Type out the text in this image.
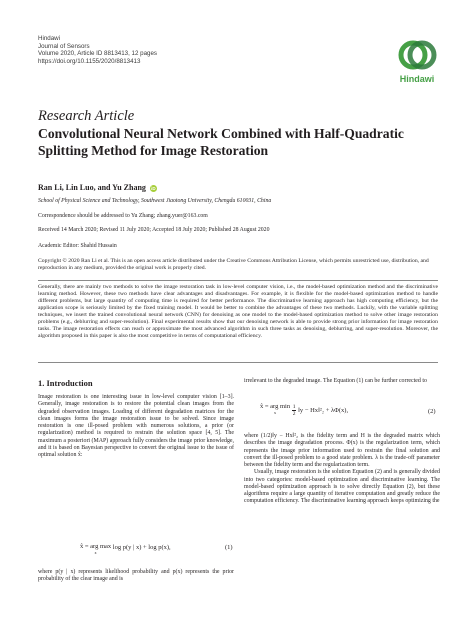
Hindawi
Journal of Sensors
Volume 2020, Article ID 8813413, 12 pages
https://doi.org/10.1155/2020/8813413
Hindawi
Research Article
Convolutional Neural Network Combined with Half-Quadratic Splitting Method for Image Restoration
Ran Li, Lin Luo, and Yu Zhang iD
School of Physical Science and Technology, Southwest Jiaotong University, Chengdu 610031, China
Correspondence should be addressed to Yu Zhang; zhang.yuer@163.com
Received 14 March 2020; Revised 11 July 2020; Accepted 18 July 2020; Published 28 August 2020
Academic Editor: Shahid Hussain
Copyright © 2020 Ran Li et al. This is an open access article distributed under the Creative Commons Attribution License, which permits unrestricted use, distribution, and reproduction in any medium, provided the original work is properly cited.
Generally, there are mainly two methods to solve the image restoration task in low-level computer vision, i.e., the model-based optimization method and the discriminative learning method. However, these two methods have clear advantages and disadvantages. For example, it is flexible for the model-based optimization method to handle different problems, but large quantity of computing time is required for better performance. The discriminative learning approach has high computing efficiency, but the application scope is seriously limited by the fixed training model. It would be better to combine the advantages of these two methods. Luckily, with the variable splitting techniques, we insert the trained convolutional neural network (CNN) for denoising as one model to the model-based optimization method to solve other image restoration problems (e.g., deblurring and super-resolution). Final experimental results show that our denoising network is able to provide strong prior information for image restoration tasks. The image restoration effects can reach or approximate the most advanced algorithm in such three tasks as denoising, deblurring, and super-resolution. Moreover, the algorithm proposed in this paper is also the most competitive in terms of computational efficiency.
1. Introduction
Image restoration is one interesting issue in low-level computer vision [1–3]. Generally, image restoration is to restore the potential clean images from the degraded observation images. Loading of different degradation matrices for the clean images forms the image restoration issue to be solved. Since image restoration is one ill-posed problem with numerous solutions, a prior (or regularization) method is required to restrain the solution space [4, 5]. The maximum a posteriori (MAP) approach fully considers the image prior knowledge, and it is based on Bayesian perspective to convert the original issue to the issue of optimal solution x̂:
x̂ = arg max
x
log p(y | x) + log p(x),	(1)
where p(y | x) represents likelihood probability and p(x) represents the prior probability of the clear image and is
irrelevant to the degraded image. The Equation (1) can be further corrected to
x̂ = arg min
x
	$\frac{1}{2}$ ‖y − Hx‖²₂ + λΦ(x),	(2)
where (1/2)‖y − Hx‖²₂ is the fidelity term and H is the degraded matrix which describes the image degradation process. Φ(x) is the regularization term, which represents the image prior information used to restrain the final solution and convert the ill-posed problem to a good state problem. λ is the trade-off parameter between the fidelity term and the regularization term.
Usually, image restoration is the solution Equation (2) and is generally divided into two categories: model-based optimization and discriminative learning. The model-based optimization approach is to solve directly Equation (2), but these algorithms require a large quantity of iterative computation and greatly reduce the computation efficiency. The discriminative learning approach keeps optimizing the
